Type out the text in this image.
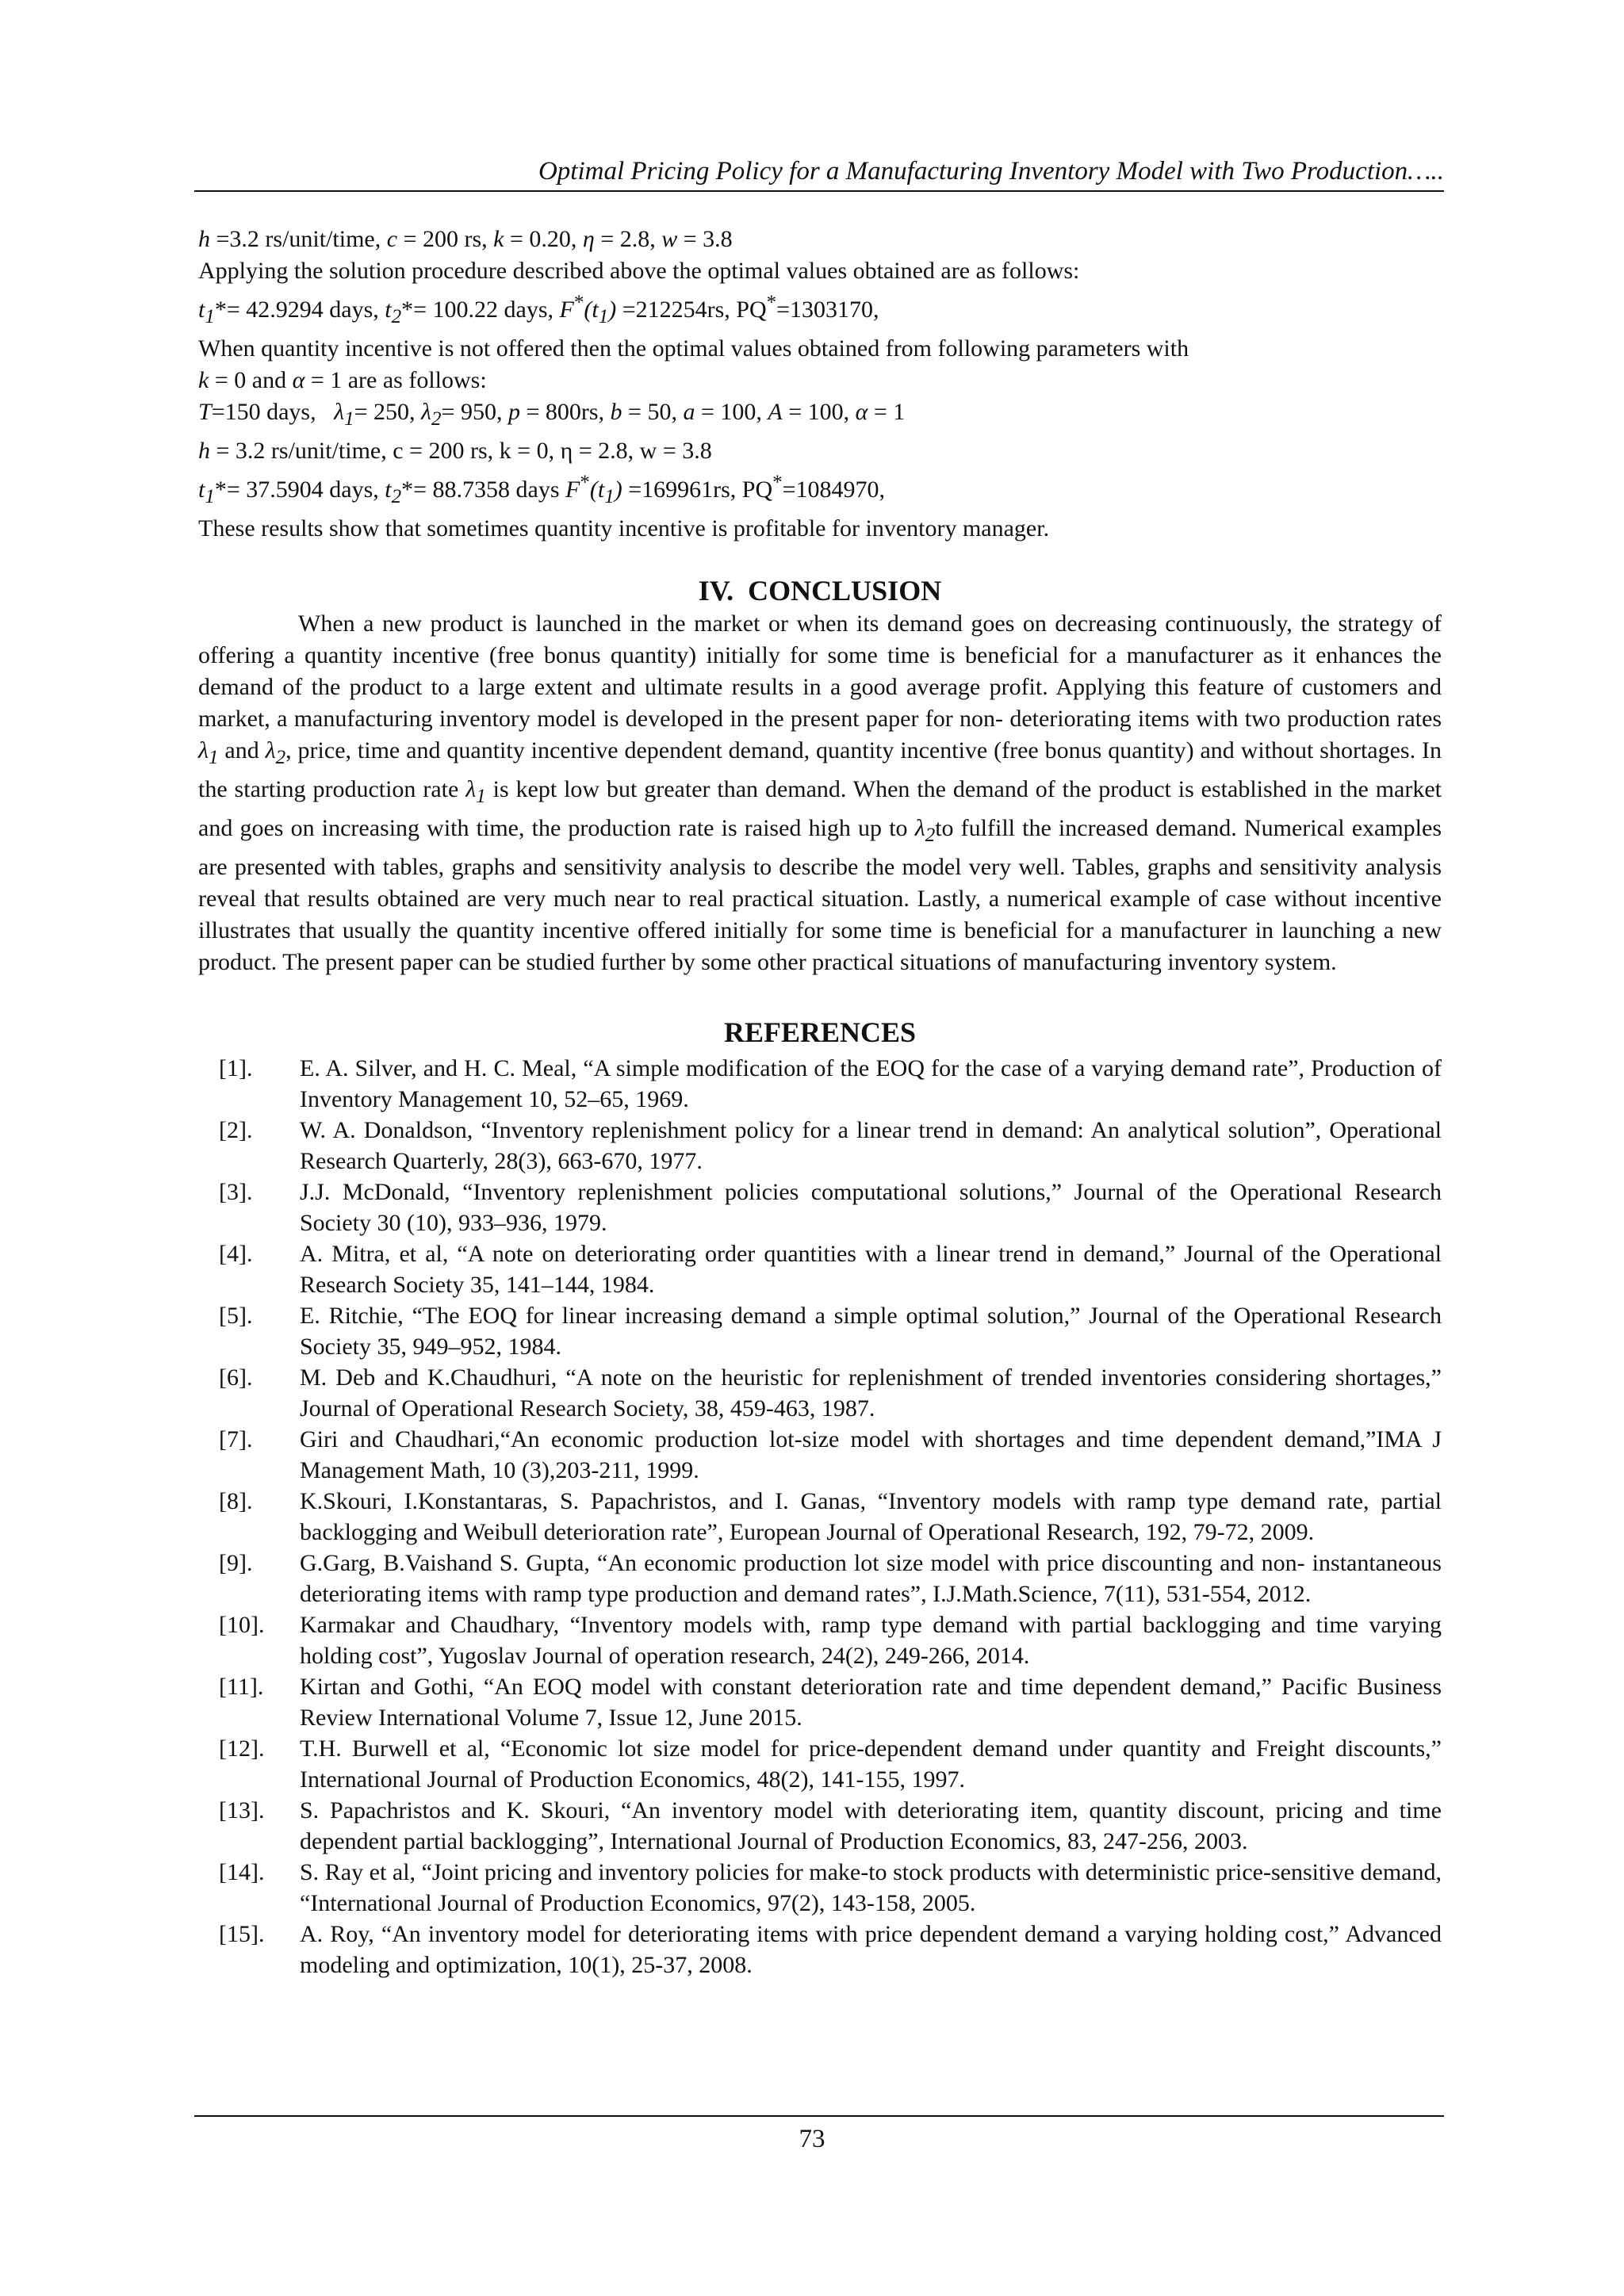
Optimal Pricing Policy for a Manufacturing Inventory Model with Two Production…..

h =3.2 rs/unit/time, c = 200 rs, k = 0.20, η = 2.8, w = 3.8

Applying the solution procedure described above the optimal values obtained are as follows:

$t_1*= 42.9294$ days, $t_2*= 100.22$ days, $F^*(t_1) =212254rs$, PQ*=1303170,

When quantity incentive is not offered then the optimal values obtained from following parameters with

k = 0 and α = 1 are as follows:

T=150 days,   $\lambda_1= 250$, $\lambda_2= 950$, p = 800rs, b = 50, a = 100, A = 100, α = 1

h = 3.2 rs/unit/time, c = 200 rs, k = 0, η = 2.8, w = 3.8

$t_1*= 37.5904$ days, $t_2*= 88.7358$ days $F^*(t_1) =169961rs$, PQ*=1084970,

These results show that sometimes quantity incentive is profitable for inventory manager.

IV. CONCLUSION

When a new product is launched in the market or when its demand goes on decreasing continuously, the strategy of offering a quantity incentive (free bonus quantity) initially for some time is beneficial for a manufacturer as it enhances the demand of the product to a large extent and ultimate results in a good average profit. Applying this feature of customers and market, a manufacturing inventory model is developed in the present paper for non- deteriorating items with two production rates $\lambda_1$ and $\lambda_2$, price, time and quantity incentive dependent demand, quantity incentive (free bonus quantity) and without shortages. In the starting production rate $\lambda_1$ is kept low but greater than demand. When the demand of the product is established in the market and goes on increasing with time, the production rate is raised high up to $\lambda_2to$ fulfill the increased demand. Numerical examples are presented with tables, graphs and sensitivity analysis to describe the model very well. Tables, graphs and sensitivity analysis reveal that results obtained are very much near to real practical situation. Lastly, a numerical example of case without incentive illustrates that usually the quantity incentive offered initially for some time is beneficial for a manufacturer in launching a new product. The present paper can be studied further by some other practical situations of manufacturing inventory system.

REFERENCES
[1].	E. A. Silver, and H. C. Meal, “A simple modification of the EOQ for the case of a varying demand rate”, Production of Inventory Management 10, 52–65, 1969.
[2].	W. A. Donaldson, “Inventory replenishment policy for a linear trend in demand: An analytical solution”, Operational Research Quarterly, 28(3), 663-670, 1977.
[3].	J.J. McDonald, “Inventory replenishment policies computational solutions,” Journal of the Operational Research Society 30 (10), 933–936, 1979.
[4].	A. Mitra, et al, “A note on deteriorating order quantities with a linear trend in demand,” Journal of the Operational Research Society 35, 141–144, 1984.
[5].	E. Ritchie, “The EOQ for linear increasing demand a simple optimal solution,” Journal of the Operational Research Society 35, 949–952, 1984.
[6].	M. Deb and K.Chaudhuri, “A note on the heuristic for replenishment of trended inventories considering shortages,” Journal of Operational Research Society, 38, 459-463, 1987.
[7].	Giri and Chaudhari,“An economic production lot-size model with shortages and time dependent demand,”IMA J Management Math, 10 (3),203-211, 1999.
[8].	K.Skouri, I.Konstantaras, S. Papachristos, and I. Ganas, “Inventory models with ramp type demand rate, partial backlogging and Weibull deterioration rate”, European Journal of Operational Research, 192, 79-72, 2009.
[9].	G.Garg, B.Vaishand S. Gupta, “An economic production lot size model with price discounting and non- instantaneous deteriorating items with ramp type production and demand rates”, I.J.Math.Science, 7(11), 531-554, 2012.
[10].	Karmakar and Chaudhary, “Inventory models with, ramp type demand with partial backlogging and time varying holding cost”, Yugoslav Journal of operation research, 24(2), 249-266, 2014.
[11].	Kirtan and Gothi, “An EOQ model with constant deterioration rate and time dependent demand,” Pacific Business Review International Volume 7, Issue 12, June 2015.
[12].	T.H. Burwell et al, “Economic lot size model for price-dependent demand under quantity and Freight discounts,” International Journal of Production Economics, 48(2), 141-155, 1997.
[13].	S. Papachristos and K. Skouri, “An inventory model with deteriorating item, quantity discount, pricing and time dependent partial backlogging”, International Journal of Production Economics, 83, 247-256, 2003.
[14].	S. Ray et al, “Joint pricing and inventory policies for make-to stock products with deterministic price-sensitive demand, “International Journal of Production Economics, 97(2), 143-158, 2005.
[15].	A. Roy, “An inventory model for deteriorating items with price dependent demand a varying holding cost,” Advanced modeling and optimization, 10(1), 25-37, 2008.
73
